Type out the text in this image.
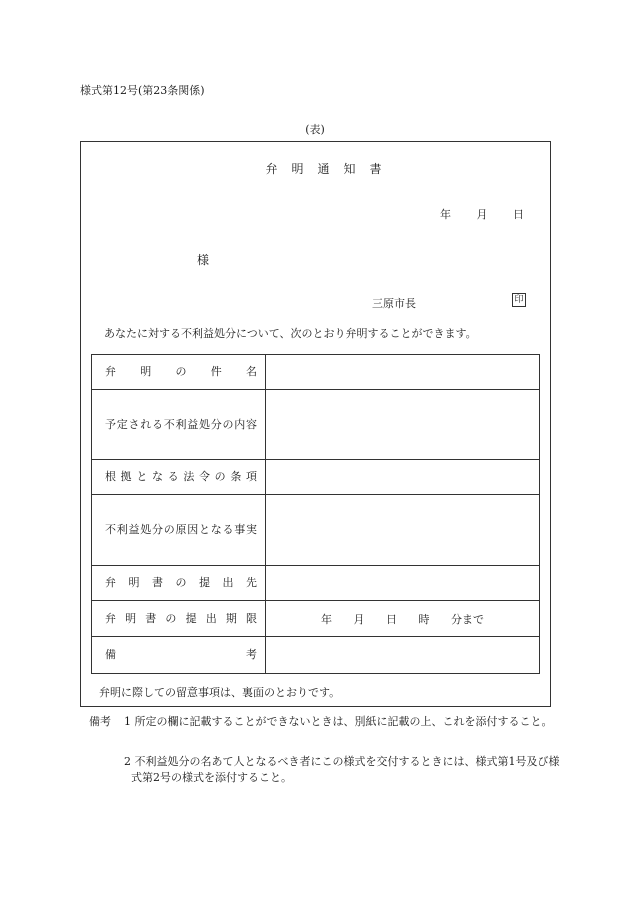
様式第12号(第23条関係)
(表)
弁明通知書
年 月 日
様
三原市長	印
あなたに対する不利益処分について、次のとおり弁明することができます。
弁明の件名	
予定される不利益処分の内容	
根拠となる法令の条項	
不利益処分の原因となる事実	
弁明書の提出先	
弁明書の提出期限	年 月 日 時 分まで
備考	
弁明に際しての留意事項は、裏面のとおりです。
備考 1 所定の欄に記載することができないときは、別紙に記載の上、これを添付すること。
2 不利益処分の名あて人となるべき者にこの様式を交付するときには、様式第1号及び様式第2号の様式を添付すること。
